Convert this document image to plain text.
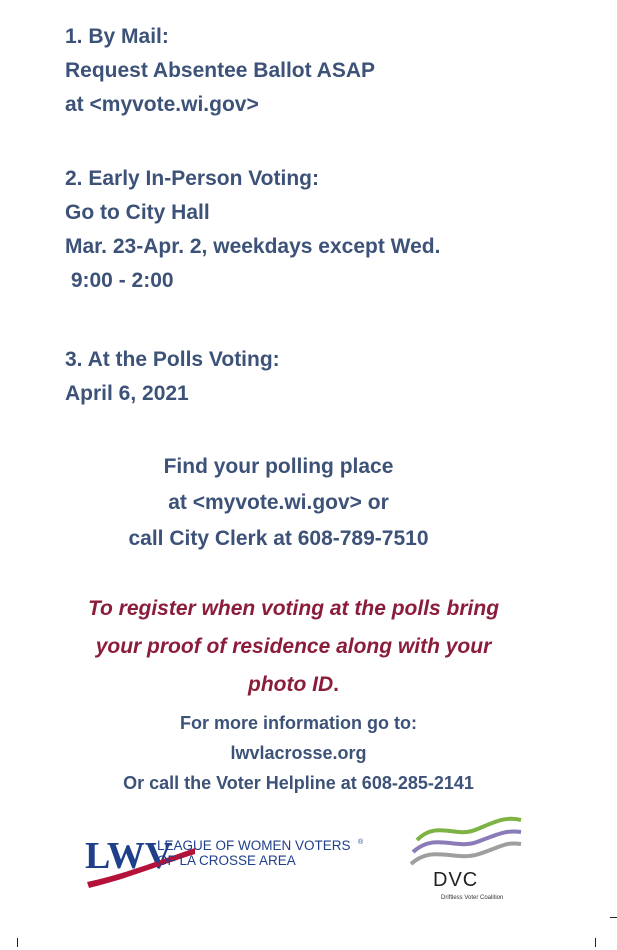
1. By Mail:
Request Absentee Ballot ASAP
at <myvote.wi.gov>
2. Early In-Person Voting:
Go to City Hall
Mar. 23-Apr. 2, weekdays except Wed.
9:00 - 2:00
3. At the Polls Voting:
April 6, 2021
Find your polling place
at <myvote.wi.gov> or
call City Clerk at 608-789-7510
To register when voting at the polls bring
your proof of residence along with your
photo ID.
For more information go to:
lwvlacrosse.org
Or call the Voter Helpline at 608-285-2141
LWV
LEAGUE OF WOMEN VOTERS ®
OF LA CROSSE AREA
DVC
Driftless Voter Coalition
